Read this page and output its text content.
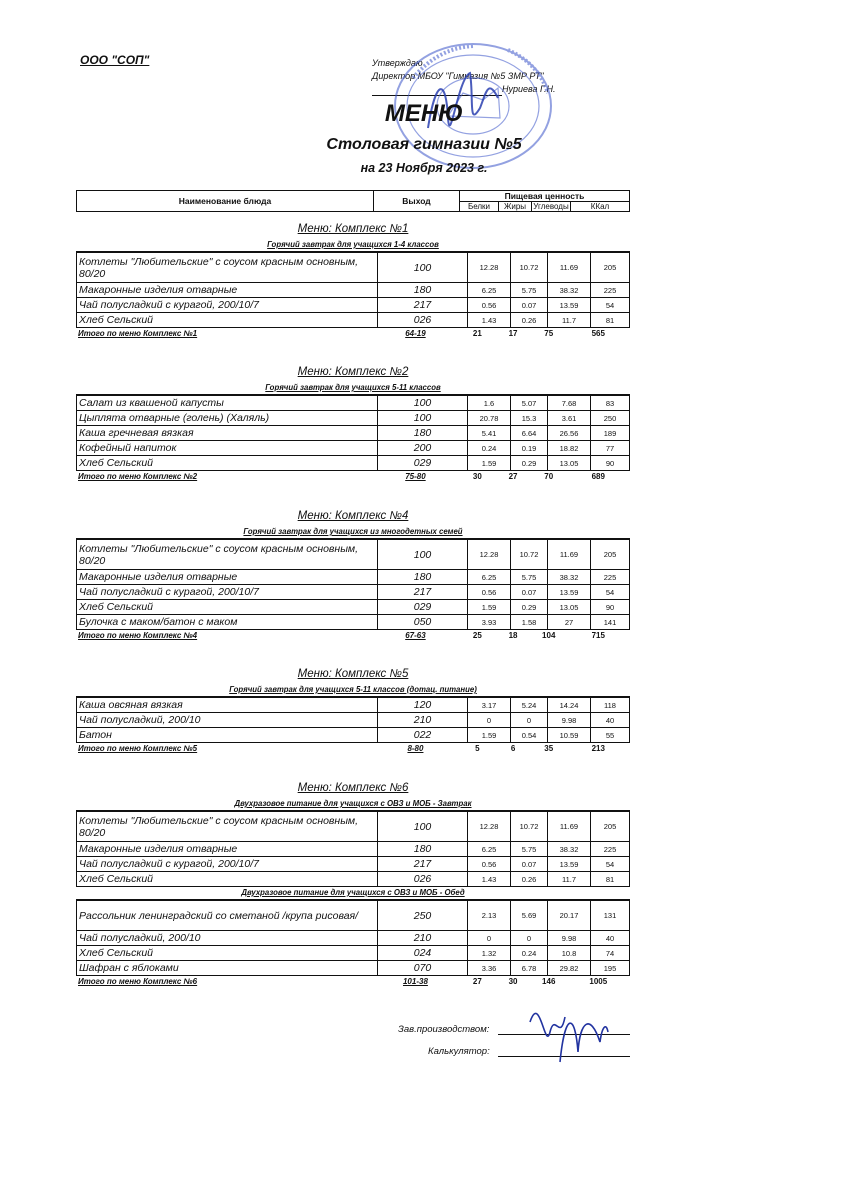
ООО "СОП"	Утверждаю
Директор МБОУ "Гимназия №5 ЗМР РТ"
Нуриева Г.Н.
МЕНЮ
Столовая гимназии №5
на 23 Ноября 2023 г.
Наименование блюда	Выход	Пищевая ценность			
		Белки	Жиры	Углеводы	ККал
Меню: Комплекс №1
Горячий завтрак для учащихся 1-4 классов
Котлеты "Любительские" с соусом красным основным, 80/20	100	12.28	10.72	11.69	205
Макаронные изделия отварные	180	6.25	5.75	38.32	225
Чай полусладкий с курагой, 200/10/7	217	0.56	0.07	13.59	54
Хлеб Сельский	026	1.43	0.26	11.7	81
Итого по меню Комплекс №1	64-19	21	17	75	565
Меню: Комплекс №2
Горячий завтрак для учащихся 5-11 классов
Салат из квашеной капусты	100	1.6	5.07	7.68	83
Цыплята отварные (голень) (Халяль)	100	20.78	15.3	3.61	250
Каша гречневая вязкая	180	5.41	6.64	26.56	189
Кофейный напиток	200	0.24	0.19	18.82	77
Хлеб Сельский	029	1.59	0.29	13.05	90
Итого по меню Комплекс №2	75-80	30	27	70	689
Меню: Комплекс №4
Горячий завтрак для учащихся из многодетных семей
Котлеты "Любительские" с соусом красным основным, 80/20	100	12.28	10.72	11.69	205
Макаронные изделия отварные	180	6.25	5.75	38.32	225
Чай полусладкий с курагой, 200/10/7	217	0.56	0.07	13.59	54
Хлеб Сельский	029	1.59	0.29	13.05	90
Булочка с маком/батон с маком	050	3.93	1.58	27	141
Итого по меню Комплекс №4	67-63	25	18	104	715
Меню: Комплекс №5
Горячий завтрак для учащихся 5-11 классов (дотац. питание)
Каша овсяная вязкая	120	3.17	5.24	14.24	118
Чай полусладкий, 200/10	210	0	0	9.98	40
Батон	022	1.59	0.54	10.59	55
Итого по меню Комплекс №5	8-80	5	6	35	213
Меню: Комплекс №6
Двухразовое питание для учащихся с ОВЗ и МОБ - Завтрак
Котлеты "Любительские" с соусом красным основным, 80/20	100	12.28	10.72	11.69	205
Макаронные изделия отварные	180	6.25	5.75	38.32	225
Чай полусладкий с курагой, 200/10/7	217	0.56	0.07	13.59	54
Хлеб Сельский	026	1.43	0.26	11.7	81
Двухразовое питание для учащихся с ОВЗ и МОБ - Обед
Рассольник ленинградский со сметаной /крупа рисовая/	250	2.13	5.69	20.17	131
Чай полусладкий, 200/10	210	0	0	9.98	40
Хлеб Сельский	024	1.32	0.24	10.8	74
Шафран с яблоками	070	3.36	6.78	29.82	195
Итого по меню Комплекс №6	101-38	27	30	146	1005
Зав.производством:
Калькулятор:
